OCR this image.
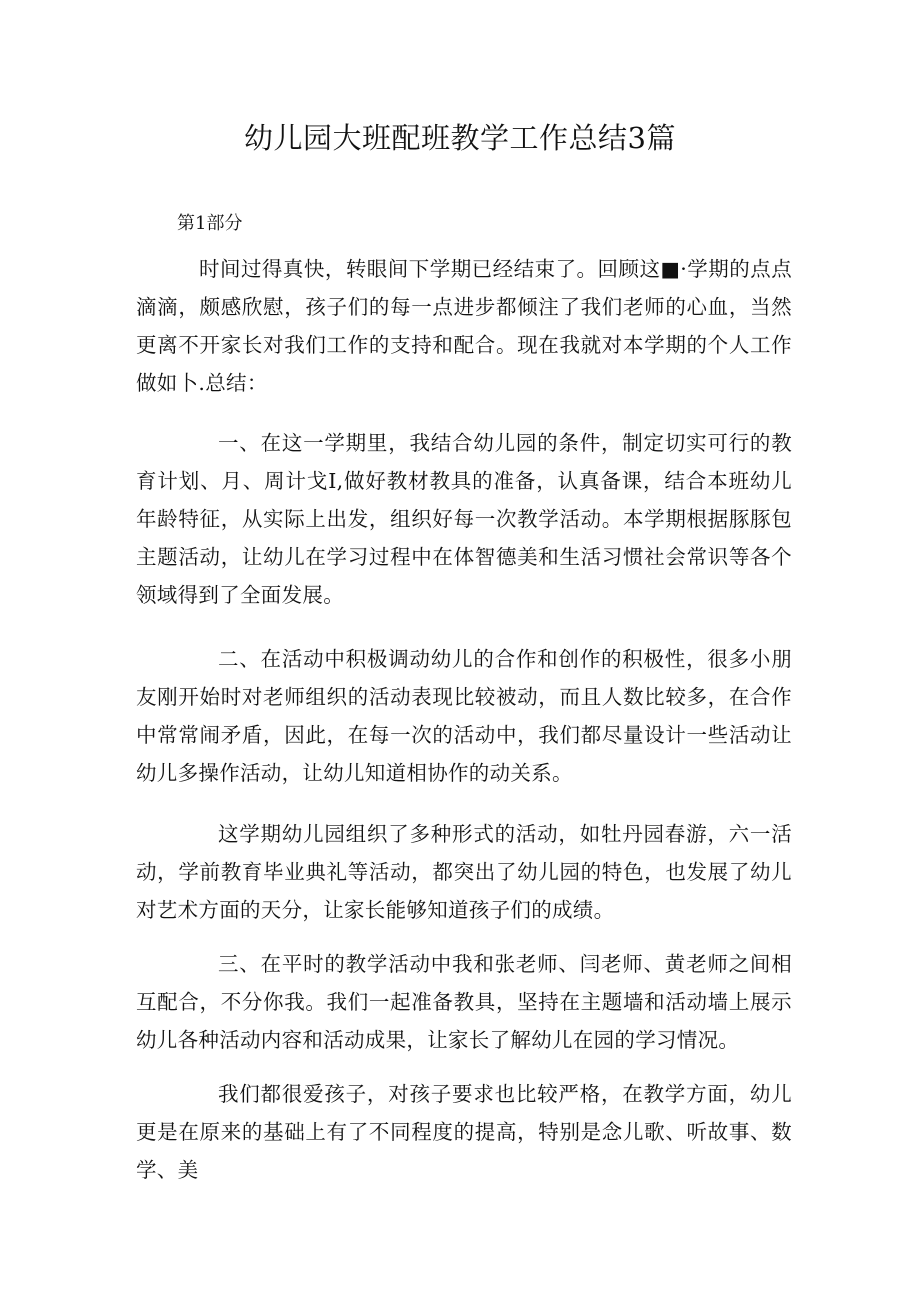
幼儿园大班配班教学工作总结3篇
第1部分

时间过得真快，转眼间下学期已经结束了。回顾这■·学期的点点滴滴，颇感欣慰，孩子们的每一点进步都倾注了我们老师的心血，当然更离不开家长对我们工作的支持和配合。现在我就对本学期的个人工作做如卜.总结：

一、在这一学期里，我结合幼儿园的条件，制定切实可行的教育计划、月、周计戈I,做好教材教具的准备，认真备课，结合本班幼儿年龄特征，从实际上出发，组织好每一次教学活动。本学期根据豚豚包主题活动，让幼儿在学习过程中在体智德美和生活习惯社会常识等各个领域得到了全面发展。

二、在活动中积极调动幼儿的合作和创作的积极性，很多小朋友刚开始时对老师组织的活动表现比较被动，而且人数比较多，在合作中常常闹矛盾，因此，在每一次的活动中，我们都尽量设计一些活动让幼儿多操作活动，让幼儿知道相协作的动关系。

这学期幼儿园组织了多种形式的活动，如牡丹园春游，六一活动，学前教育毕业典礼等活动，都突出了幼儿园的特色，也发展了幼儿对艺术方面的天分，让家长能够知道孩子们的成绩。

三、在平时的教学活动中我和张老师、闫老师、黄老师之间相互配合，不分你我。我们一起准备教具，坚持在主题墙和活动墙上展示幼儿各种活动内容和活动成果，让家长了解幼儿在园的学习情况。

我们都很爱孩子，对孩子要求也比较严格，在教学方面，幼儿更是在原来的基础上有了不同程度的提高，特别是念儿歌、听故事、数学、美
